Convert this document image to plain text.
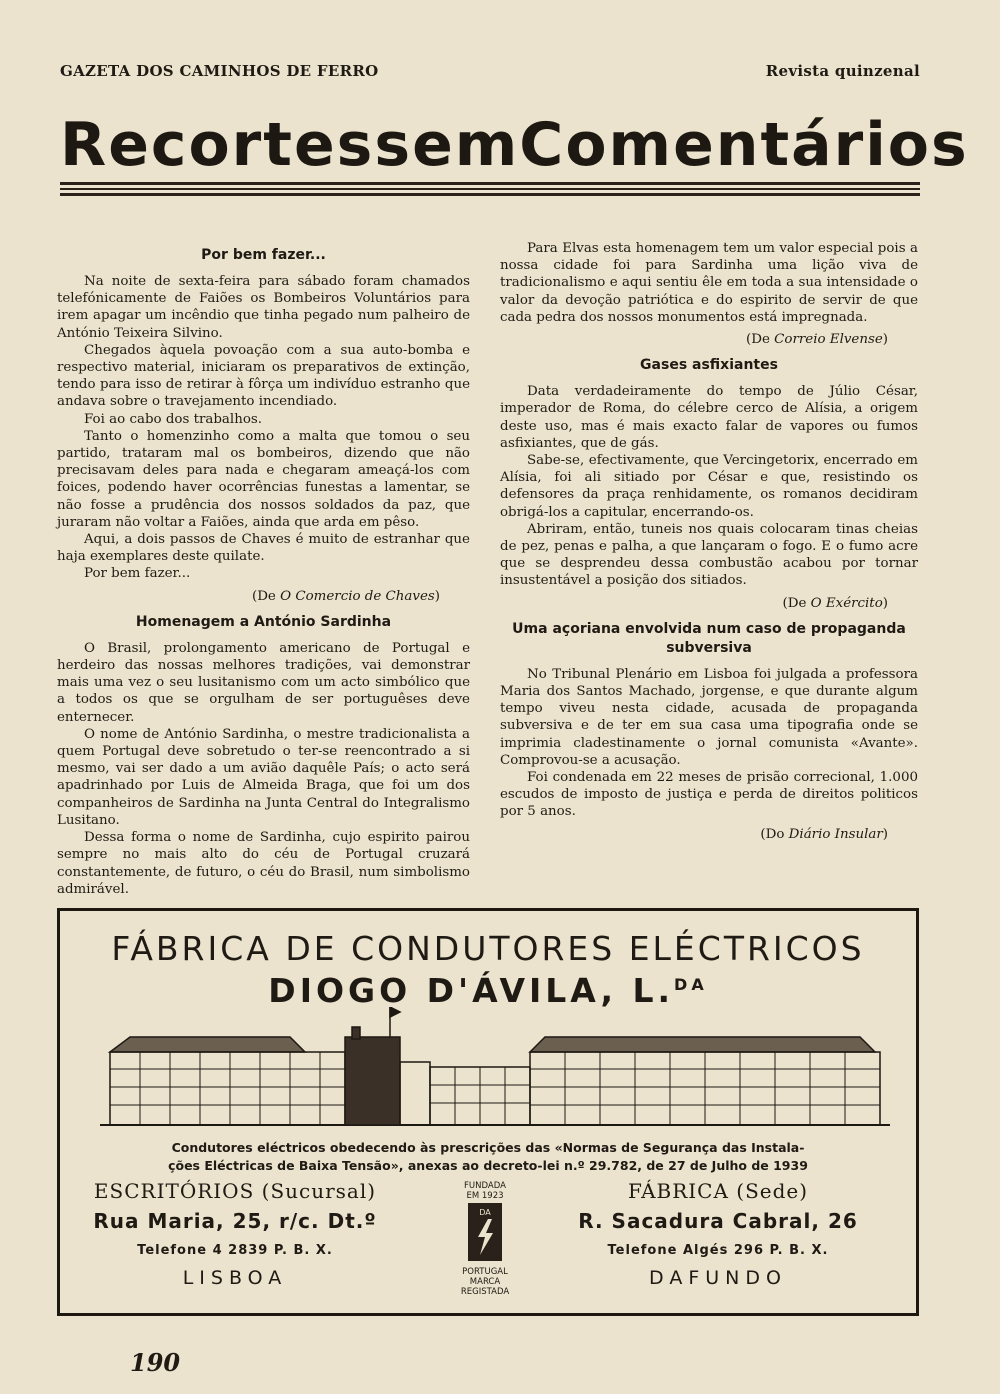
GAZETA DOS CAMINHOS DE FERRO	Revista quinzenal
Recortes sem Comentários
Por bem fazer...

Na noite de sexta-feira para sábado foram chamados telefónicamente de Faiões os Bombeiros Voluntários para irem apagar um incêndio que tinha pegado num palheiro de António Teixeira Silvino.

Chegados àquela povoação com a sua auto-bomba e respectivo material, iniciaram os preparativos de extinção, tendo para isso de retirar à fôrça um indivíduo estranho que andava sobre o travejamento incendiado.

Foi ao cabo dos trabalhos.

Tanto o homenzinho como a malta que tomou o seu partido, trataram mal os bombeiros, dizendo que não precisavam deles para nada e chegaram ameaçá-los com foices, podendo haver ocorrências funestas a lamentar, se não fosse a prudência dos nossos soldados da paz, que juraram não voltar a Faiões, ainda que arda em pêso.

Aqui, a dois passos de Chaves é muito de estranhar que haja exemplares deste quilate.

Por bem fazer...

(De O Comercio de Chaves)

Homenagem a António Sardinha

O Brasil, prolongamento americano de Portugal e herdeiro das nossas melhores tradições, vai demonstrar mais uma vez o seu lusitanismo com um acto simbólico que a todos os que se orgulham de ser portuguêses deve enternecer.

O nome de António Sardinha, o mestre tradicionalista a quem Portugal deve sobretudo o ter-se reencontrado a si mesmo, vai ser dado a um avião daquêle País; o acto será apadrinhado por Luis de Almeida Braga, que foi um dos companheiros de Sardinha na Junta Central do Integralismo Lusitano.

Dessa forma o nome de Sardinha, cujo espirito pairou sempre no mais alto do céu de Portugal cruzará constantemente, de futuro, o céu do Brasil, num simbolismo admirável.

Para Elvas esta homenagem tem um valor especial pois a nossa cidade foi para Sardinha uma lição viva de tradicionalismo e aqui sentiu êle em toda a sua intensidade o valor da devoção patriótica e do espirito de servir de que cada pedra dos nossos monumentos está impregnada.

(De Correio Elvense)

Gases asfixiantes

Data verdadeiramente do tempo de Júlio César, imperador de Roma, do célebre cerco de Alísia, a origem deste uso, mas é mais exacto falar de vapores ou fumos asfixiantes, que de gás.

Sabe-se, efectivamente, que Vercingetorix, encerrado em Alísia, foi ali sitiado por César e que, resistindo os defensores da praça renhidamente, os romanos decidiram obrigá-los a capitular, encerrando-os.

Abriram, então, tuneis nos quais colocaram tinas cheias de pez, penas e palha, a que lançaram o fogo. E o fumo acre que se desprendeu dessa combustão acabou por tornar insustentável a posição dos sitiados.

(De O Exército)

Uma açoriana envolvida num caso de propaganda subversiva

No Tribunal Plenário em Lisboa foi julgada a professora Maria dos Santos Machado, jorgense, e que durante algum tempo viveu nesta cidade, acusada de propaganda subversiva e de ter em sua casa uma tipografia onde se imprimia cladestinamente o jornal comunista «Avante». Comprovou-se a acusação.

Foi condenada em 22 meses de prisão correcional, 1.000 escudos de imposto de justiça e perda de direitos politicos por 5 anos.

(Do Diário Insular)

FÁBRICA DE CONDUTORES ELÉCTRICOS
DIOGO D'ÁVILA, L.$^{DA}$
Condutores eléctricos obedecendo às prescrições das «Normas de Segurança das Instala-
ções Eléctricas de Baixa Tensão», anexas ao decreto-lei n.º 29.782, de 27 de Julho de 1939
ESCRITÓRIOS (Sucursal)
Rua Maria, 25, r/c. Dt.º
Telefone 4 2839 P. B. X.
LISBOA
FUNDADA
EM 1923
DA
PORTUGAL
MARCA REGISTADA
FÁBRICA (Sede)
R. Sacadura Cabral, 26
Telefone Algés 296 P. B. X.
DAFUNDO
190
